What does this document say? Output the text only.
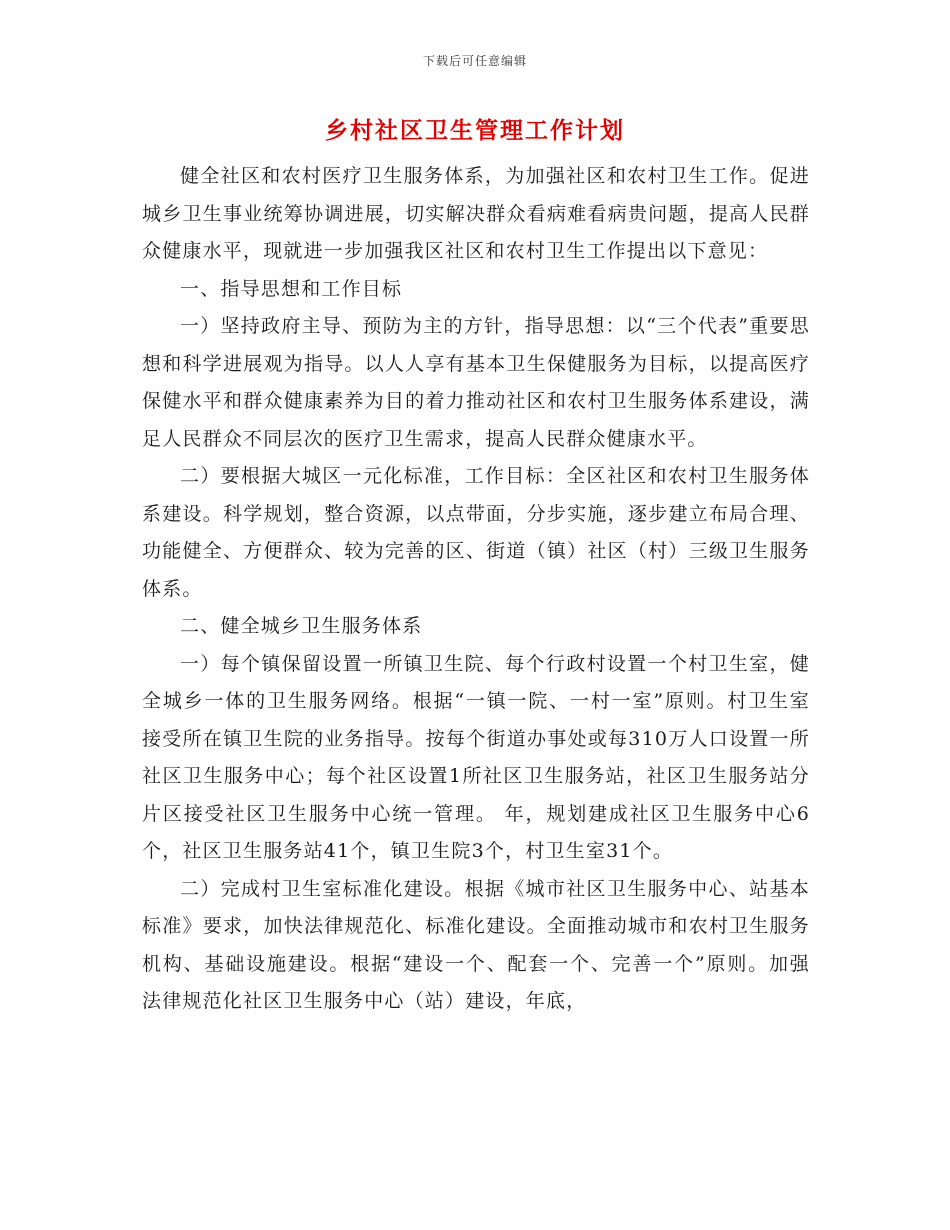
下载后可任意编辑
乡村社区卫生管理工作计划

健全社区和农村医疗卫生服务体系，为加强社区和农村卫生工作。促进城乡卫生事业统筹协调进展，切实解决群众看病难看病贵问题，提高人民群众健康水平，现就进一步加强我区社区和农村卫生工作提出以下意见：

一、指导思想和工作目标

一）坚持政府主导、预防为主的方针，指导思想：以“三个代表”重要思想和科学进展观为指导。以人人享有基本卫生保健服务为目标，以提高医疗保健水平和群众健康素养为目的着力推动社区和农村卫生服务体系建设，满足人民群众不同层次的医疗卫生需求，提高人民群众健康水平。

二）要根据大城区一元化标准，工作目标：全区社区和农村卫生服务体系建设。科学规划，整合资源，以点带面，分步实施，逐步建立布局合理、功能健全、方便群众、较为完善的区、街道（镇）社区（村）三级卫生服务体系。

二、健全城乡卫生服务体系

一）每个镇保留设置一所镇卫生院、每个行政村设置一个村卫生室，健全城乡一体的卫生服务网络。根据“一镇一院、一村一室”原则。村卫生室接受所在镇卫生院的业务指导。按每个街道办事处或每310万人口设置一所社区卫生服务中心；每个社区设置1所社区卫生服务站，社区卫生服务站分片区接受社区卫生服务中心统一管理。 年，规划建成社区卫生服务中心6个，社区卫生服务站41个，镇卫生院3个，村卫生室31个。

二）完成村卫生室标准化建设。根据《城市社区卫生服务中心、站基本标准》要求，加快法律规范化、标准化建设。全面推动城市和农村卫生服务机构、基础设施建设。根据“建设一个、配套一个、完善一个”原则。加强法律规范化社区卫生服务中心（站）建设，年底，
